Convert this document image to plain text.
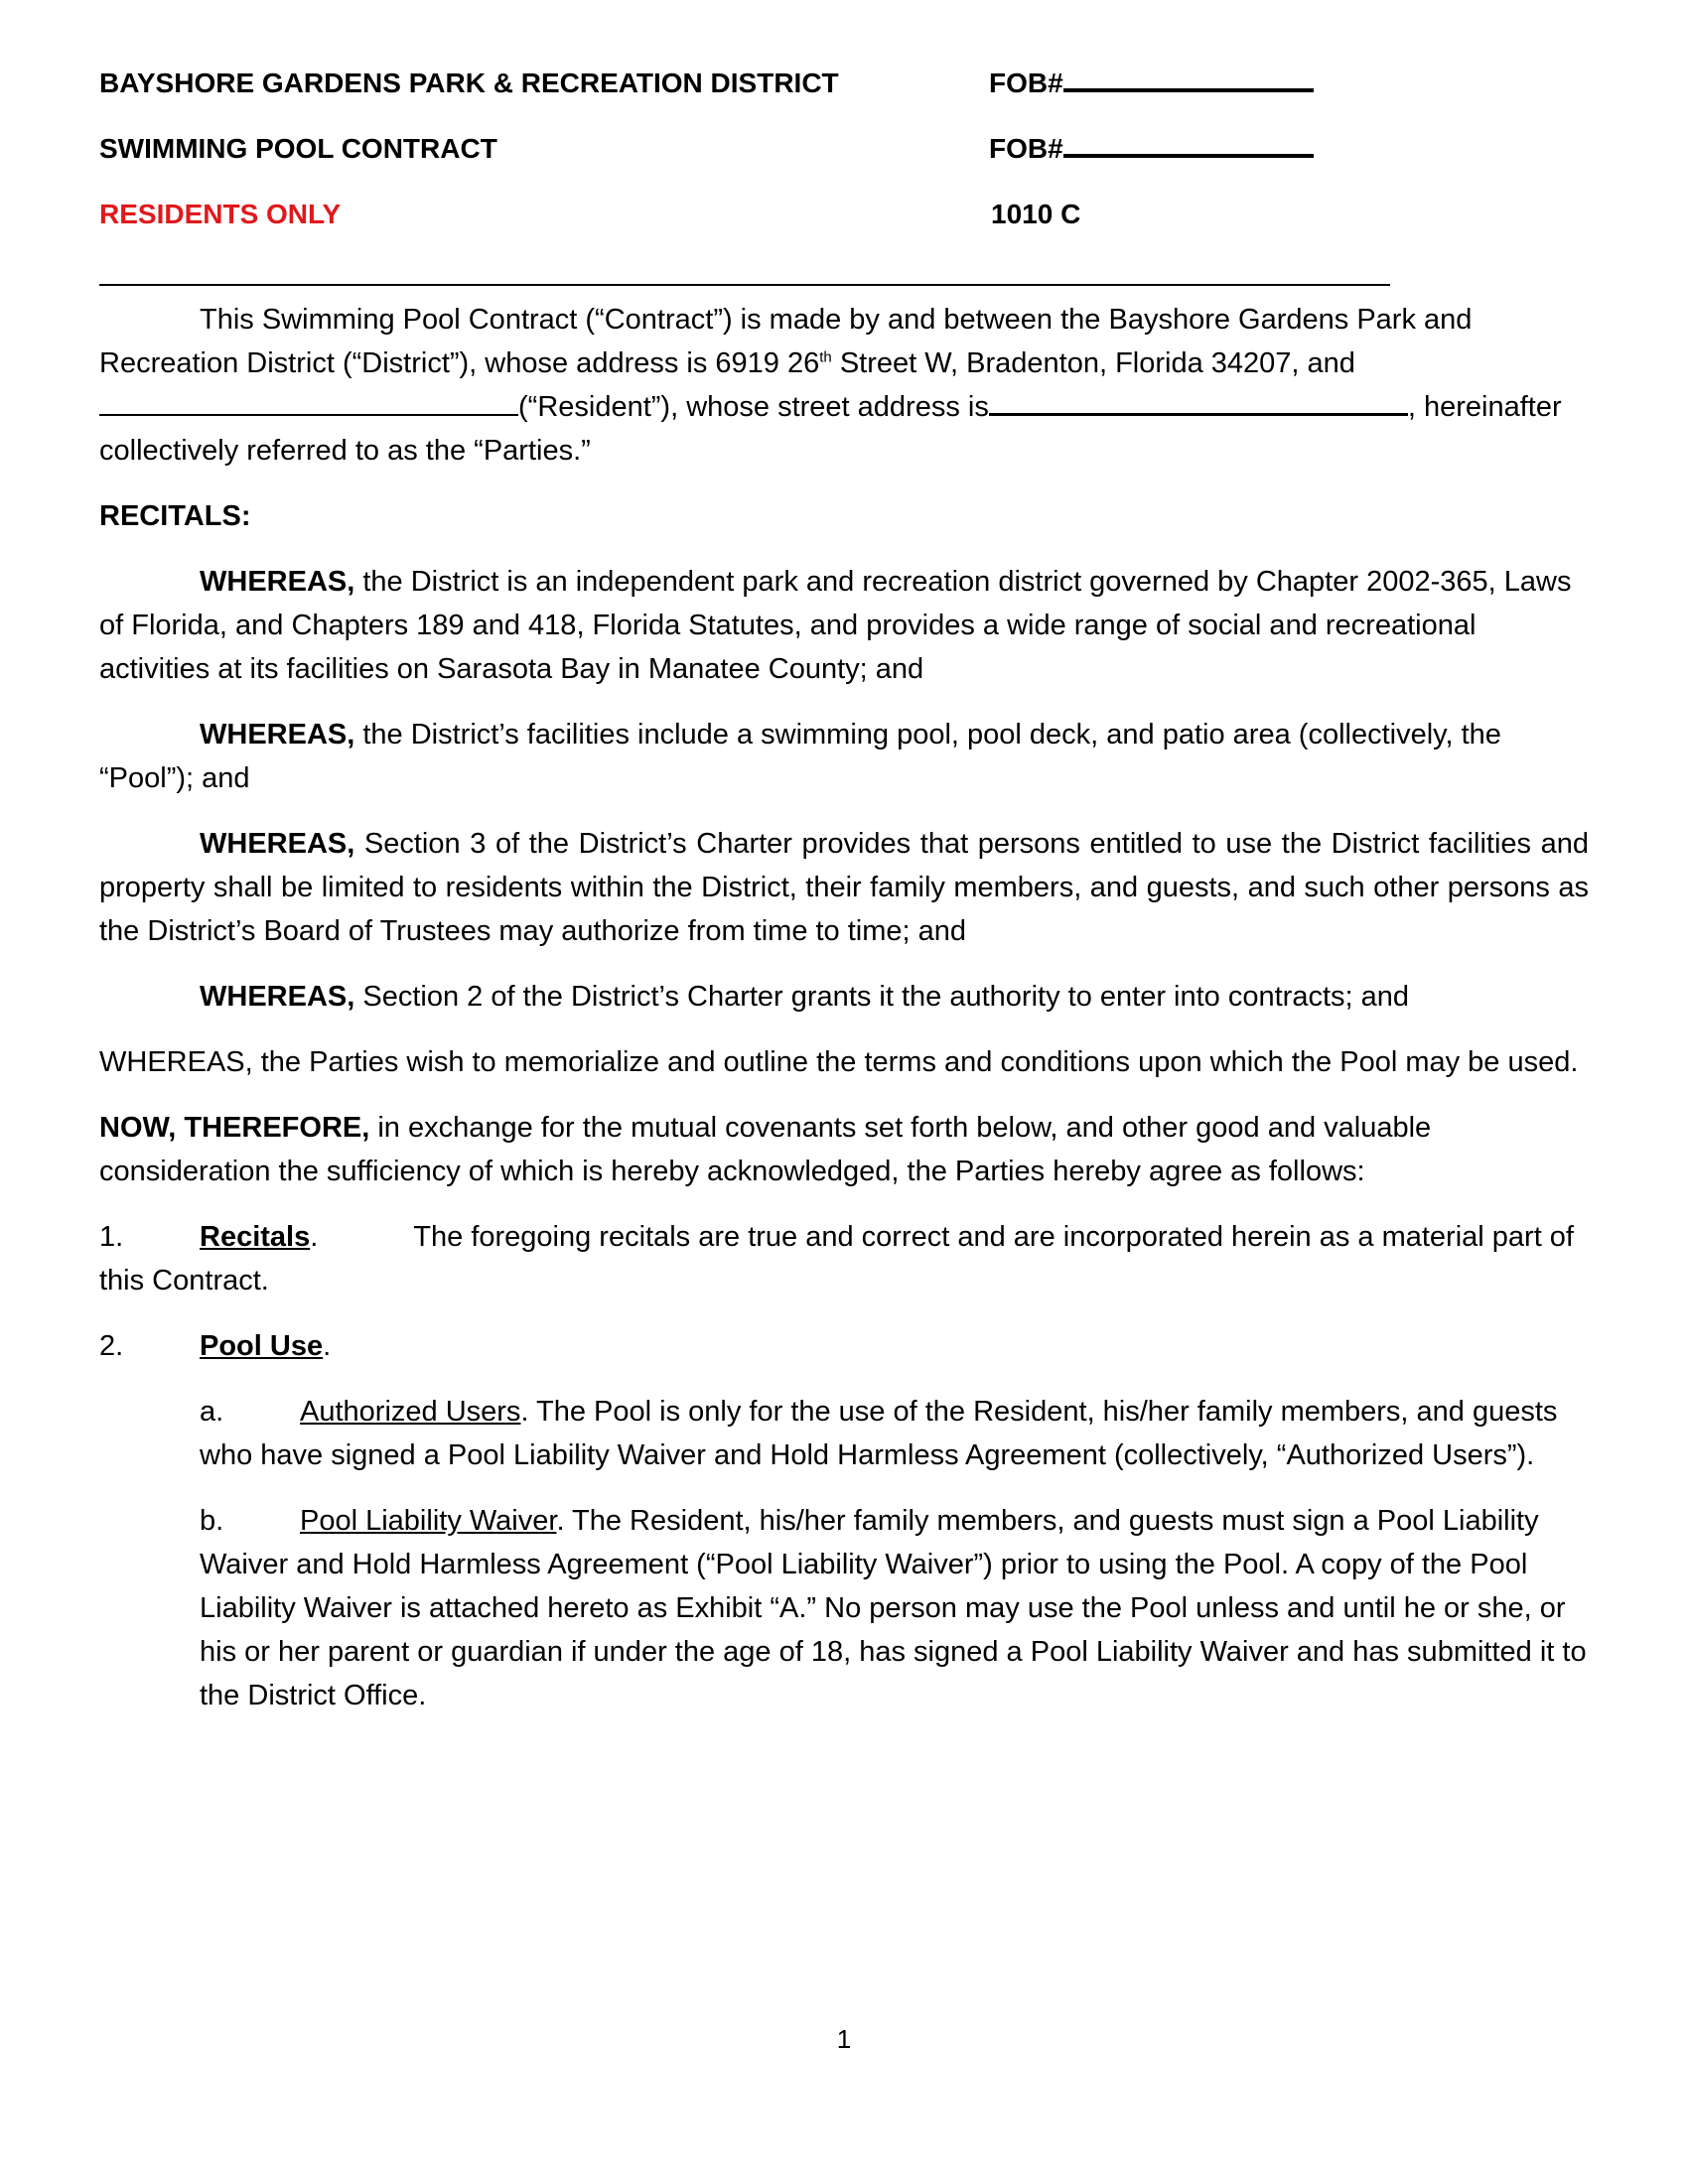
BAYSHORE GARDENS PARK & RECREATION DISTRICT	FOB#
SWIMMING POOL CONTRACT	FOB#
RESIDENTS ONLY	1010 C

This Swimming Pool Contract (“Contract”) is made by and between the Bayshore Gardens Park and Recreation District (“District”), whose address is 6919 26th Street W, Bradenton, Florida 34207, and(“Resident”), whose street address is	, hereinafter collectively referred to as the “Parties.”

RECITALS:

WHEREAS, the District is an independent park and recreation district governed by Chapter 2002-365, Laws of Florida, and Chapters 189 and 418, Florida Statutes, and provides a wide range of social and recreational activities at its facilities on Sarasota Bay in Manatee County; and

WHEREAS, the District’s facilities include a swimming pool, pool deck, and patio area (collectively, the “Pool”); and

WHEREAS, Section 3 of the District’s Charter provides that persons entitled to use the District facilities and property shall be limited to residents within the District, their family members, and guests, and such other persons as the District’s Board of Trustees may authorize from time to time; and

WHEREAS, Section 2 of the District’s Charter grants it the authority to enter into contracts; and

WHEREAS, the Parties wish to memorialize and outline the terms and conditions upon which the Pool may be used.

NOW, THEREFORE, in exchange for the mutual covenants set forth below, and other good and valuable consideration the sufficiency of which is hereby acknowledged, the Parties hereby agree as follows:

1.	Recitals.	The foregoing recitals are true and correct and are incorporated herein as a material part of this Contract.

2.	Pool Use.

a.	Authorized Users. The Pool is only for the use of the Resident, his/her family members, and guests who have signed a Pool Liability Waiver and Hold Harmless Agreement (collectively, “Authorized Users”).

b.	Pool Liability Waiver. The Resident, his/her family members, and guests must sign a Pool Liability Waiver and Hold Harmless Agreement (“Pool Liability Waiver”) prior to using the Pool. A copy of the Pool Liability Waiver is attached hereto as Exhibit “A.” No person may use the Pool unless and until he or she, or his or her parent or guardian if under the age of 18, has signed a Pool Liability Waiver and has submitted it to the District Office.

1
